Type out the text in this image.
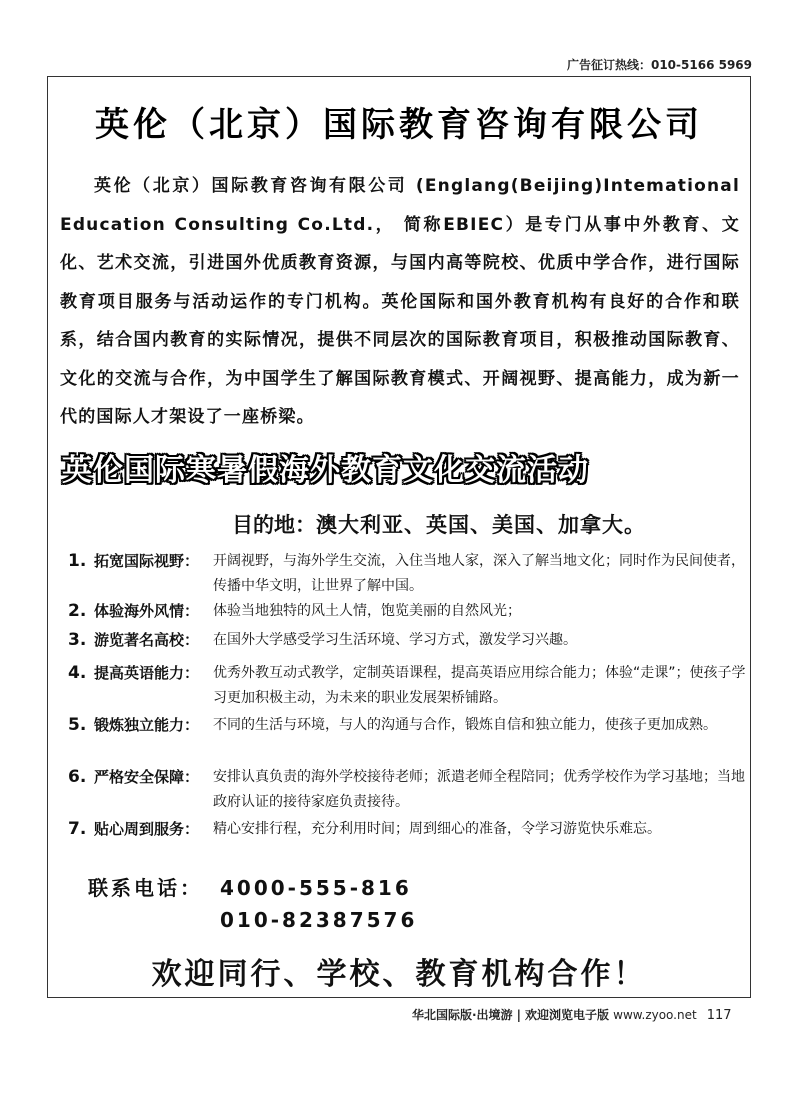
广告征订热线：010-5166 5969
英伦（北京）国际教育咨询有限公司

英伦（北京）国际教育咨询有限公司 (Englang(Beijing)Intemational Education Consulting Co.Ltd.， 简称EBIEC）是专门从事中外教育、文化、艺术交流，引进国外优质教育资源，与国内高等院校、优质中学合作，进行国际教育项目服务与活动运作的专门机构。英伦国际和国外教育机构有良好的合作和联系，结合国内教育的实际情况，提供不同层次的国际教育项目，积极推动国际教育、文化的交流与合作，为中国学生了解国际教育模式、开阔视野、提高能力，成为新一代的国际人才架设了一座桥梁。

英伦国际寒暑假海外教育文化交流活动
目的地：澳大利亚、英国、美国、加拿大。
1. 拓宽国际视野： 开阔视野，与海外学生交流，入住当地人家，深入了解当地文化；同时作为民间使者，传播中华文明，让世界了解中国。
2. 体验海外风情： 体验当地独特的风土人情，饱览美丽的自然风光；
3. 游览著名高校： 在国外大学感受学习生活环境、学习方式，激发学习兴趣。
4. 提高英语能力： 优秀外教互动式教学，定制英语课程，提高英语应用综合能力；体验“走课”；使孩子学习更加积极主动，为未来的职业发展架桥铺路。
5. 锻炼独立能力： 不同的生活与环境，与人的沟通与合作，锻炼自信和独立能力，使孩子更加成熟。
6. 严格安全保障： 安排认真负责的海外学校接待老师；派遣老师全程陪同；优秀学校作为学习基地；当地政府认证的接待家庭负责接待。
7. 贴心周到服务： 精心安排行程，充分利用时间；周到细心的准备，令学习游览快乐难忘。
联系电话： 4000-555-816
010-82387576
欢迎同行、学校、教育机构合作！
华北国际版·出境游 | 欢迎浏览电子版 www.zyoo.net 117
